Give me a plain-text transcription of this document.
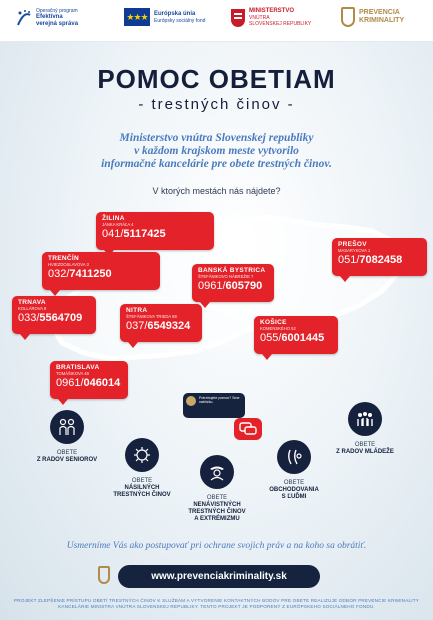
Operačný program
Efektívna
verejná správa
★★★ Európska únia
Európsky sociálny fond
MINISTERSTVO
VNÚTRA
SLOVENSKEJ REPUBLIKY
PREVENCIA
KRIMINALITY
POMOC OBETIAM
- trestných činov -
Ministerstvo vnútra Slovenskej republiky
v každom krajskom meste vytvorilo
informačné kancelárie pre obete trestných činov.
V ktorých mestách nás nájdete?
ŽILINA
JÁNKA KRÁĽA 4
041/5117425
TRENČÍN
HVIEZDOSLAVOVA 3
032/7411250
PREŠOV
MASARYKOVA 1
051/7082458
BANSKÁ BYSTRICA
ŠTEFÁNIKOVO NÁBREŽIE 7
0961/605790
TRNAVA
KOLLÁROVA 8
033/5564709
NITRA
ŠTEFÁNIKOVA TRIEDA 69
037/6549324	KOŠICE
KOMENSKÉHO 52
055/6001445
BRATISLAVA
TOMÁŠIKOVA 46
0961/046014
Potrebujete pomoc? Sme nablízku.
OBETE
Z RADOV SENIOROV
OBETE
NÁSILNÝCH
TRESTNÝCH ČINOV	OBETE
NENÁVISTNÝCH
TRESTNÝCH ČINOV
A EXTRÉMIZMU
OBETE
OBCHODOVANIA
S ĽUĎMI
OBETE
Z RADOV MLÁDEŽE
Usmerníme Vás ako postupovať pri ochrane svojich práv a na koho sa obrátiť.
www.prevenciakriminality.sk
PROJEKT ZLEPŠENIE PRÍSTUPU OBETÍ TRESTNÝCH ČINOV K SLUŽBÁM A VYTVORENIE KONTAKTNÝCH BODOV PRE OBETE REALIZUJE ODBOR PREVENCIE KRIMINALITY
KANCELÁRIE MINISTRA VNÚTRA SLOVENSKEJ REPUBLIKY. TENTO PROJEKT JE PODPORENÝ Z EURÓPSKEHO SOCIÁLNEHO FONDU.
